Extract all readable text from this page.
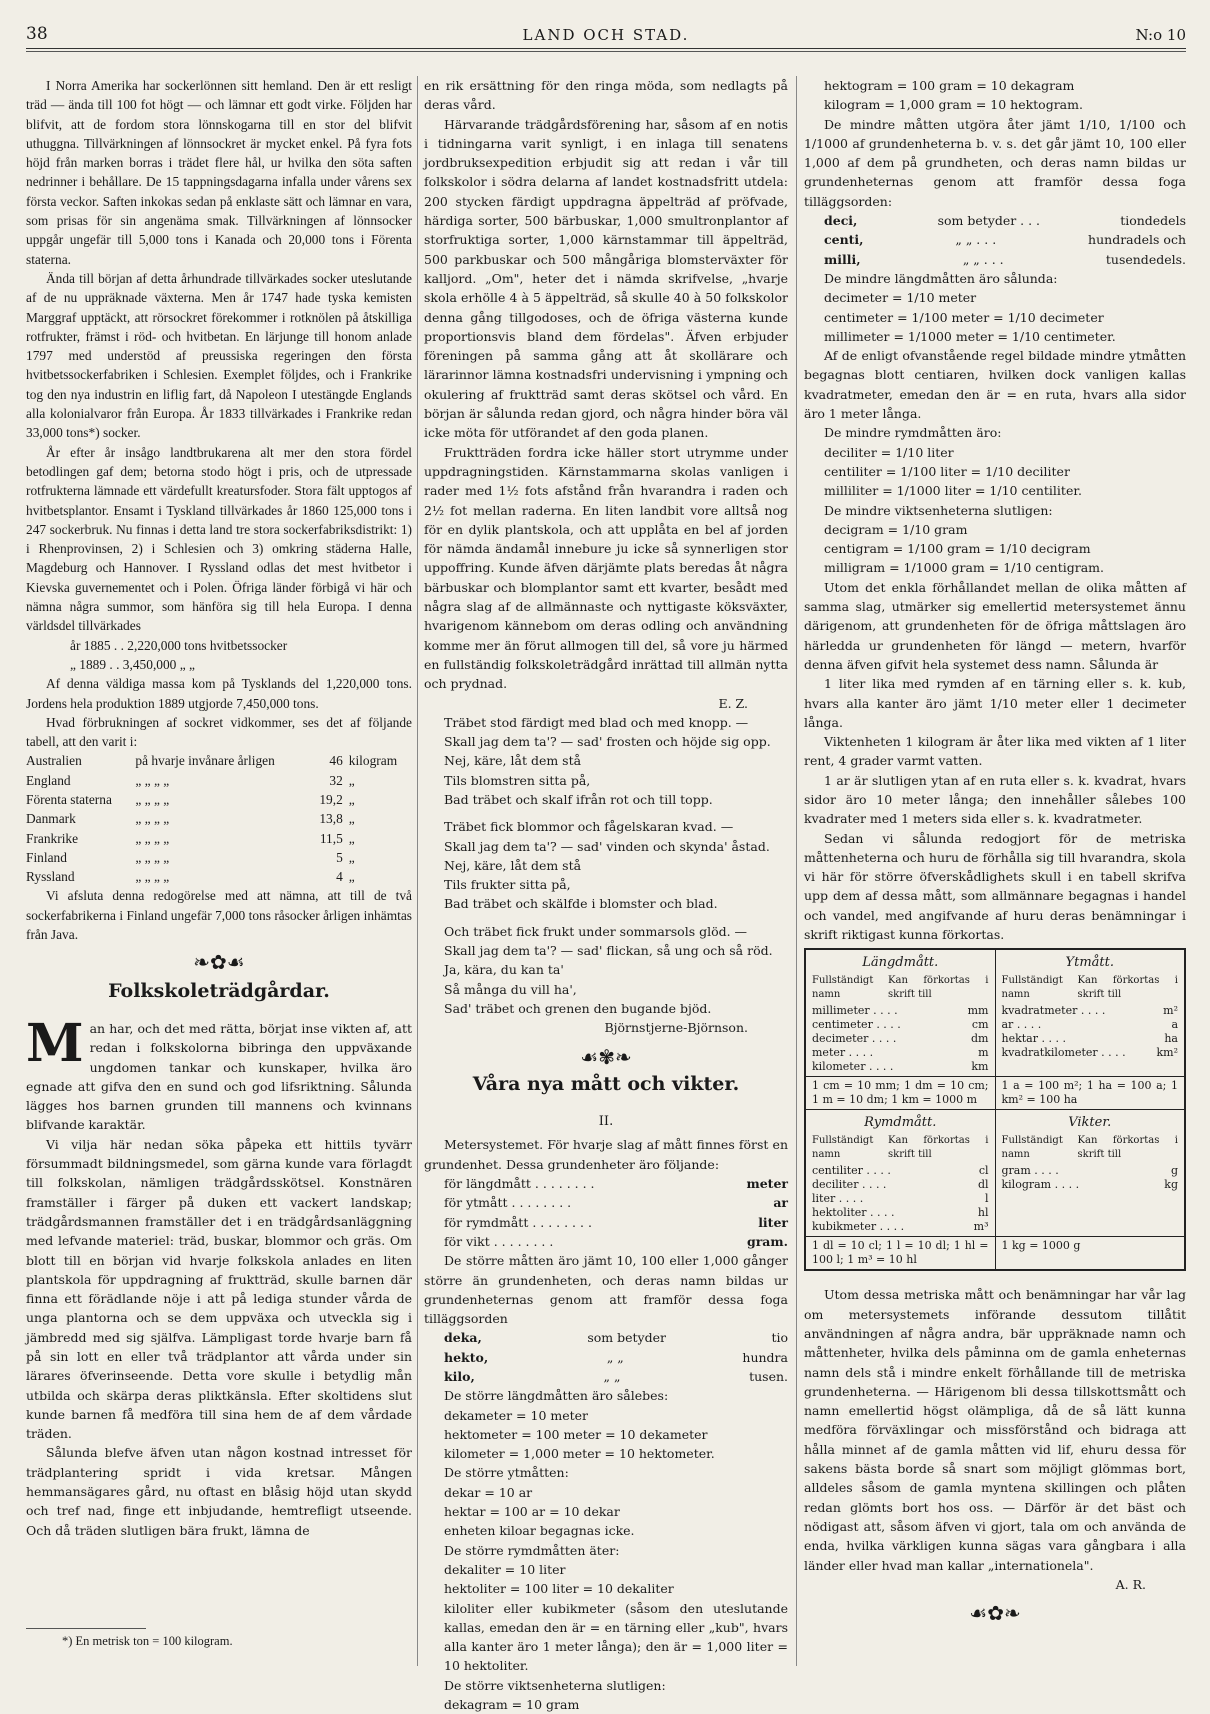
38	LAND OCH STAD.	N:o 10

I Norra Amerika har sockerlönnen sitt hemland. Den är ett resligt träd — ända till 100 fot högt — och lämnar ett godt virke. Följden har blifvit, att de fordom stora lönnskogarna till en stor del blifvit uthuggna. Tillvärkningen af lönnsockret är mycket enkel. På fyra fots höjd från marken borras i trädet flere hål, ur hvilka den söta saften nedrinner i behållare. De 15 tappningsdagarna infalla under vårens sex första veckor. Saften inkokas sedan på enklaste sätt och lämnar en vara, som prisas för sin angenäma smak. Tillvärkningen af lönnsocker uppgår ungefär till 5,000 tons i Kanada och 20,000 tons i Förenta staterna.

Ända till början af detta århundrade tillvärkades socker uteslutande af de nu uppräknade växterna. Men år 1747 hade tyska kemisten Marggraf upptäckt, att rörsockret förekommer i rotknölen på åtskilliga rotfrukter, främst i röd- och hvitbetan. En lärjunge till honom anlade 1797 med understöd af preussiska regeringen den första hvitbetssockerfabriken i Schlesien. Exemplet följdes, och i Frankrike tog den nya industrin en liflig fart, då Napoleon I utestängde Englands alla kolonialvaror från Europa. År 1833 tillvärkades i Frankrike redan 33,000 tons*) socker.

År efter år insågo landtbrukarena alt mer den stora fördel betodlingen gaf dem; betorna stodo högt i pris, och de utpressade rotfrukterna lämnade ett värdefullt kreatursfoder. Stora fält upptogos af hvitbetsplantor. Ensamt i Tyskland tillvärkades år 1860 125,000 tons i 247 sockerbruk. Nu finnas i detta land tre stora sockerfabriksdistrikt: 1) i Rhenprovinsen, 2) i Schlesien och 3) omkring städerna Halle, Magdeburg och Hannover. I Ryssland odlas det mest hvitbetor i Kievska guvernementet och i Polen. Öfriga länder förbigå vi här och nämna några summor, som hänföra sig till hela Europa. I denna världsdel tillvärkades

år 1885 . . 2,220,000 tons hvitbetssocker

„ 1889 . . 3,450,000 „ „

Af denna väldiga massa kom på Tysklands del 1,220,000 tons. Jordens hela produktion 1889 utgjorde 7,450,000 tons.

Hvad förbrukningen af sockret vidkommer, ses det af följande tabell, att den varit i:

Australien	på hvarje invånare årligen	46	kilogram
England	„ „ „ „	32	„
Förenta staterna	„ „ „ „	19,2	„
Danmark	„ „ „ „	13,8	„
Frankrike	„ „ „ „	11,5	„
Finland	„ „ „ „	5	„
Ryssland	„ „ „ „	4	„

Vi afsluta denna redogörelse med att nämna, att till de två sockerfabrikerna i Finland ungefär 7,000 tons råsocker årligen inhämtas från Java.

❧✿☙
Folkskoleträdgårdar.

Man har, och det med rätta, börjat inse vikten af, att redan i folkskolorna bibringa den uppväxande ungdomen tankar och kunskaper, hvilka äro egnade att gifva den en sund och god lifsriktning. Sålunda lägges hos barnen grunden till mannens och kvinnans blifvande karaktär.

Vi vilja här nedan söka påpeka ett hittils tyvärr försummadt bildningsmedel, som gärna kunde vara förlagdt till folkskolan, nämligen trädgårdsskötsel. Konstnären framställer i färger på duken ett vackert landskap; trädgårdsmannen framställer det i en trädgårdsanläggning med lefvande materiel: träd, buskar, blommor och gräs. Om blott till en början vid hvarje folkskola anlades en liten plantskola för uppdragning af fruktträd, skulle barnen där finna ett förädlande nöje i att på lediga stunder vårda de unga plantorna och se dem uppväxa och utveckla sig i jämbredd med sig själfva. Lämpligast torde hvarje barn få på sin lott en eller två trädplantor att vårda under sin lärares öfverinseende. Detta vore skulle i betydlig mån utbilda och skärpa deras pliktkänsla. Efter skoltidens slut kunde barnen få medföra till sina hem de af dem vårdade träden.

Sålunda blefve äfven utan någon kostnad intresset för trädplantering spridt i vida kretsar. Mången hemmansägares gård, nu oftast en blåsig höjd utan skydd och tref nad, finge ett inbjudande, hemtrefligt utseende. Och då träden slutligen bära frukt, lämna de

*) En metrisk ton = 100 kilogram.

en rik ersättning för den ringa möda, som nedlagts på deras vård.

Härvarande trädgårdsförening har, såsom af en notis i tidningarna varit synligt, i en inlaga till senatens jordbruksexpedition erbjudit sig att redan i vår till folkskolor i södra delarna af landet kostnadsfritt utdela: 200 stycken färdigt uppdragna äppelträd af pröfvade, härdiga sorter, 500 bärbuskar, 1,000 smultronplantor af storfruktiga sorter, 1,000 kärnstammar till äppelträd, 500 parkbuskar och 500 mångåriga blomsterväxter för kalljord. „Om", heter det i nämda skrifvelse, „hvarje skola erhölle 4 à 5 äppelträd, så skulle 40 à 50 folkskolor denna gång tillgodoses, och de öfriga västerna kunde proportionsvis bland dem fördelas". Äfven erbjuder föreningen på samma gång att åt skollärare och lärarinnor lämna kostnadsfri undervisning i ympning och okulering af fruktträd samt deras skötsel och vård. En början är sålunda redan gjord, och några hinder böra väl icke möta för utförandet af den goda planen.

Fruktträden fordra icke häller stort utrymme under uppdragningstiden. Kärnstammarna skolas vanligen i rader med 1½ fots afstånd från hvarandra i raden och 2½ fot mellan raderna. En liten landbit vore alltså nog för en dylik plantskola, och att upplåta en bel af jorden för nämda ändamål innebure ju icke så synnerligen stor uppoffring. Kunde äfven därjämte plats beredas åt några bärbuskar och blomplantor samt ett kvarter, besådt med några slag af de allmännaste och nyttigaste köksväxter, hvarigenom kännebom om deras odling och användning komme mer än förut allmogen till del, så vore ju härmed en fullständig folkskoleträdgård inrättad till allmän nytta och prydnad.

E. Z.

Träbet stod färdigt med blad och med knopp. —

Skall jag dem ta'? — sad' frosten och höjde sig opp.

Nej, käre, låt dem stå

Tils blomstren sitta på,

Bad träbet och skalf ifrån rot och till topp.

Träbet fick blommor och fågelskaran kvad. —

Skall jag dem ta'? — sad' vinden och skynda' åstad.

Nej, käre, låt dem stå

Tils frukter sitta på,

Bad träbet och skälfde i blomster och blad.

Och träbet fick frukt under sommarsols glöd. —

Skall jag dem ta'? — sad' flickan, så ung och så röd.

Ja, kära, du kan ta'

Så många du vill ha',

Sad' träbet och grenen den bugande bjöd.

Björnstjerne-Björnson.

☙✾❧
Våra nya mått och vikter.

II.

Metersystemet. För hvarje slag af mått finnes först en grundenhet. Dessa grundenheter äro följande:

för längdmått . . . . . . . .	meter
för ytmått . . . . . . . .	ar
för rymdmått . . . . . . . .	liter
för vikt . . . . . . . .	gram.

De större måtten äro jämt 10, 100 eller 1,000 gånger större än grundenheten, och deras namn bildas ur grundenheternas genom att framför dessa foga tilläggsorden

deka,	som betyder	tio
hekto,	„ „	hundra
kilo,	„ „	tusen.

De större längdmåtten äro sålebes:

dekameter = 10 meter

hektometer = 100 meter = 10 dekameter

kilometer = 1,000 meter = 10 hektometer.

De större ytmåtten:

dekar = 10 ar

hektar = 100 ar = 10 dekar

enheten kiloar begagnas icke.

De större rymdmåtten äter:

dekaliter = 10 liter

hektoliter = 100 liter = 10 dekaliter

kiloliter eller kubikmeter (såsom den uteslutande kallas, emedan den är = en tärning eller „kub", hvars alla kanter äro 1 meter långa); den är = 1,000 liter = 10 hektoliter.

De större viktsenheterna slutligen:

dekagram = 10 gram

hektogram = 100 gram = 10 dekagram

kilogram = 1,000 gram = 10 hektogram.

De mindre måtten utgöra åter jämt 1/10, 1/100 och 1/1000 af grundenheterna b. v. s. det går jämt 10, 100 eller 1,000 af dem på grundheten, och deras namn bildas ur grundenheternas genom att framför dessa foga tilläggsorden:

deci,	som betyder . . .	tiondedels
centi,	„ „ . . .	hundradels och
milli,	„ „ . . .	tusendedels.

De mindre längdmåtten äro sålunda:

decimeter = 1/10 meter

centimeter = 1/100 meter = 1/10 decimeter

millimeter = 1/1000 meter = 1/10 centimeter.

Af de enligt ofvanstående regel bildade mindre ytmåtten begagnas blott centiaren, hvilken dock vanligen kallas kvadratmeter, emedan den är = en ruta, hvars alla sidor äro 1 meter långa.

De mindre rymdmåtten äro:

deciliter = 1/10 liter

centiliter = 1/100 liter = 1/10 deciliter

milliliter = 1/1000 liter = 1/10 centiliter.

De mindre viktsenheterna slutligen:

decigram = 1/10 gram

centigram = 1/100 gram = 1/10 decigram

milligram = 1/1000 gram = 1/10 centigram.

Utom det enkla förhållandet mellan de olika måtten af samma slag, utmärker sig emellertid metersystemet ännu därigenom, att grundenheten för de öfriga måttslagen äro härledda ur grundenheten för längd — metern, hvarför denna äfven gifvit hela systemet dess namn. Sålunda är

1 liter lika med rymden af en tärning eller s. k. kub, hvars alla kanter äro jämt 1/10 meter eller 1 decimeter långa.

Viktenheten 1 kilogram är åter lika med vikten af 1 liter rent, 4 grader varmt vatten.

1 ar är slutligen ytan af en ruta eller s. k. kvadrat, hvars sidor äro 10 meter långa; den innehåller sålebes 100 kvadrater med 1 meters sida eller s. k. kvadratmeter.

Sedan vi sålunda redogjort för de metriska måttenheterna och huru de förhålla sig till hvarandra, skola vi här för större öfverskådlighets skull i en tabell skrifva upp dem af dessa mått, som allmännare begagnas i handel och vandel, med angifvande af huru deras benämningar i skrift riktigast kunna förkortas.

Längdmått.
Fullständigt namn
Kan förkortas i skrift till
millimeter . . . .	mm
centimeter . . . .	cm
decimeter . . . .	dm
meter . . . .	m
kilometer . . . .	km
Ytmått.
Fullständigt namn
Kan förkortas i skrift till
kvadratmeter . . . .	m²
ar . . . .	a
hektar . . . .	ha
kvadratkilometer . . . .	km²
1 cm = 10 mm; 1 dm = 10 cm; 1 m = 10 dm; 1 km = 1000 m
1 a = 100 m²; 1 ha = 100 a; 1 km² = 100 ha
Rymdmått.
Fullständigt namn
Kan förkortas i skrift till
centiliter . . . .	cl
deciliter . . . .	dl
liter . . . .	l
hektoliter . . . .	hl
kubikmeter . . . .	m³
Vikter.
Fullständigt namn
Kan förkortas i skrift till
gram . . . .	g
kilogram . . . .	kg
1 dl = 10 cl; 1 l = 10 dl; 1 hl = 100 l; 1 m³ = 10 hl
1 kg = 1000 g

Utom dessa metriska mått och benämningar har vår lag om metersystemets införande dessutom tillåtit användningen af några andra, bär uppräknade namn och måttenheter, hvilka dels påminna om de gamla enheternas namn dels stå i mindre enkelt förhållande till de metriska grundenheterna. — Härigenom bli dessa tillskottsmått och namn emellertid högst olämpliga, då de så lätt kunna medföra förväxlingar och missförstånd och bidraga att hålla minnet af de gamla måtten vid lif, ehuru dessa för sakens bästa borde så snart som möjligt glömmas bort, alldeles såsom de gamla myntena skillingen och plåten redan glömts bort hos oss. — Därför är det bäst och nödigast att, såsom äfven vi gjort, tala om och använda de enda, hvilka värkligen kunna sägas vara gångbara i alla länder eller hvad man kallar „internationela".

A. R.

☙✿❧
